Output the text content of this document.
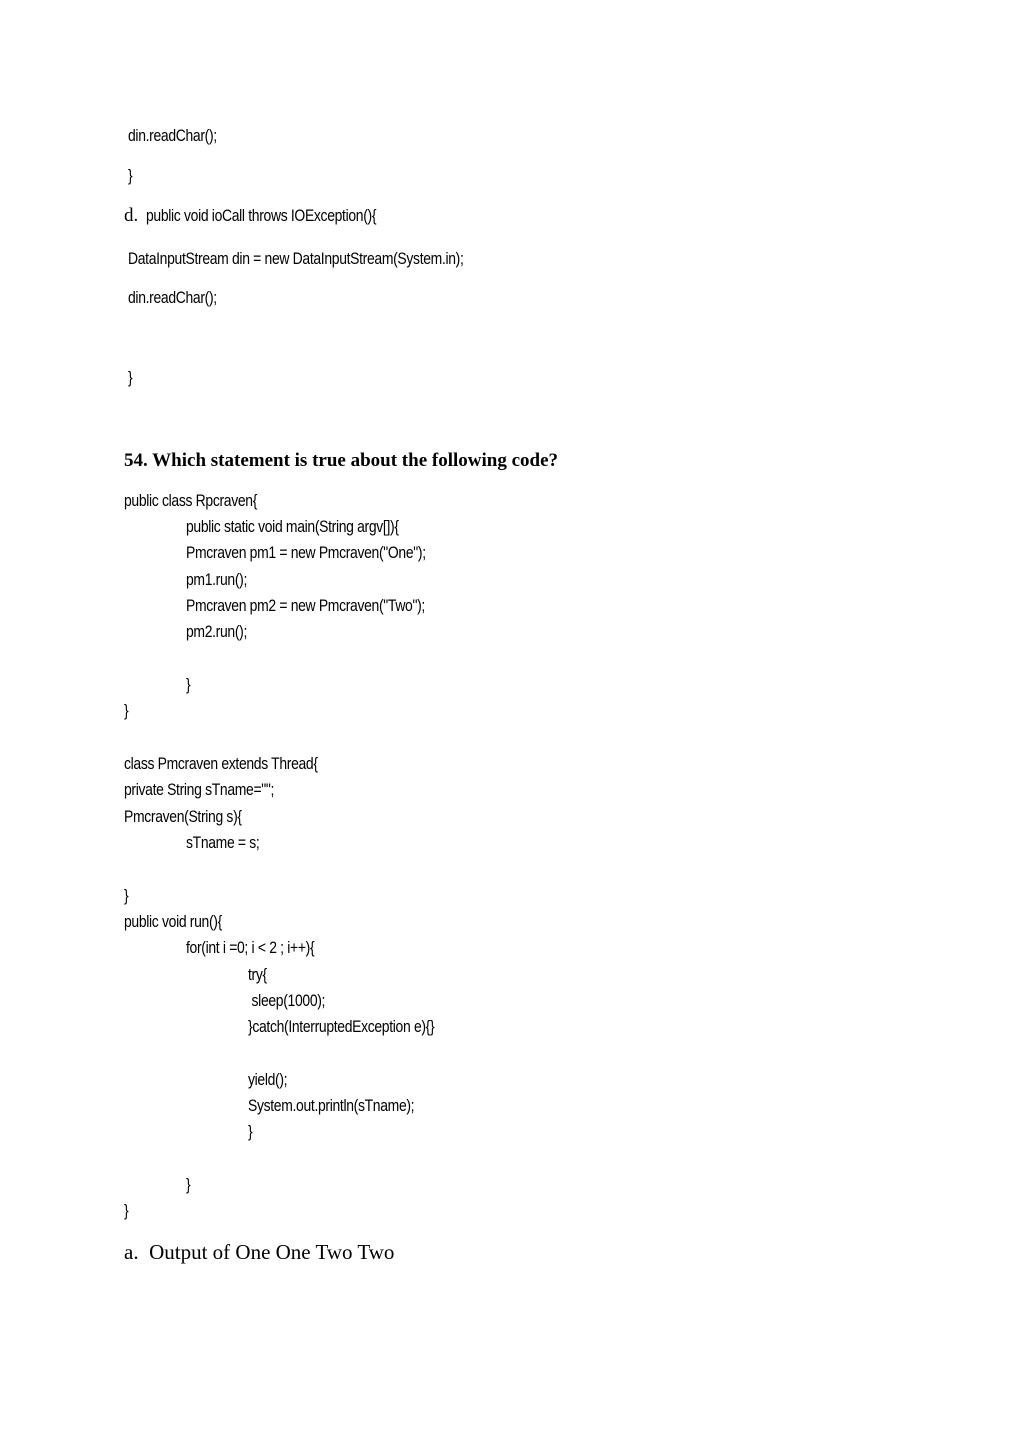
din.readChar();
}
d. public void ioCall throws IOException(){
DataInputStream din = new DataInputStream(System.in);
din.readChar();
}
54. Which statement is true about the following code?
public class Rpcraven{
public static void main(String argv[]){
Pmcraven pm1 = new Pmcraven("One");
pm1.run();
Pmcraven pm2 = new Pmcraven("Two");
pm2.run();
}
}
class Pmcraven extends Thread{
private String sTname="";
Pmcraven(String s){
sTname = s;
}
public void run(){
for(int i =0; i < 2 ; i++){
try{
sleep(1000);
}catch(InterruptedException e){}
yield();
System.out.println(sTname);
}
}
}
a. Output of One One Two Two
